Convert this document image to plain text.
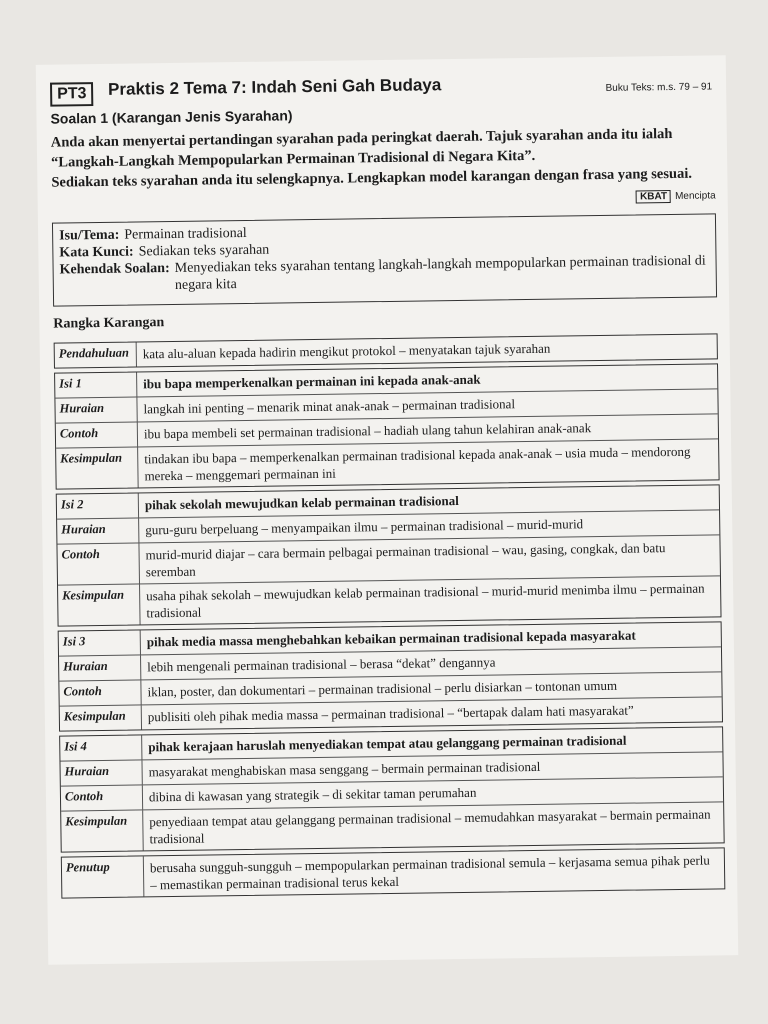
PT3	Praktis 2 Tema 7: Indah Seni Gah Budaya	Buku Teks: m.s. 79 – 91
Soalan 1 (Karangan Jenis Syarahan)

Anda akan menyertai pertandingan syarahan pada peringkat daerah. Tajuk syarahan anda itu ialah “Langkah-Langkah Mempopularkan Permainan Tradisional di Negara Kita”.

Sediakan teks syarahan anda itu selengkapnya. Lengkapkan model karangan dengan frasa yang sesuai.

KBAT Mencipta
Isu/Tema: Permainan tradisional
Kata Kunci: Sediakan teks syarahan
Kehendak Soalan: Menyediakan teks syarahan tentang langkah-langkah mempopularkan permainan tradisional di negara kita
Rangka Karangan
Pendahuluan	kata alu-aluan kepada hadirin mengikut protokol – menyatakan tajuk syarahan
Isi 1	ibu bapa memperkenalkan permainan ini kepada anak-anak
Huraian	langkah ini penting – menarik minat anak-anak – permainan tradisional
Contoh	ibu bapa membeli set permainan tradisional – hadiah ulang tahun kelahiran anak-anak
Kesimpulan	tindakan ibu bapa – memperkenalkan permainan tradisional kepada anak-anak – usia muda – mendorong mereka – menggemari permainan ini
Isi 2	pihak sekolah mewujudkan kelab permainan tradisional
Huraian	guru-guru berpeluang – menyampaikan ilmu – permainan tradisional – murid-murid
Contoh	murid-murid diajar – cara bermain pelbagai permainan tradisional – wau, gasing, congkak, dan batu seremban
Kesimpulan	usaha pihak sekolah – mewujudkan kelab permainan tradisional – murid-murid menimba ilmu – permainan tradisional
Isi 3	pihak media massa menghebahkan kebaikan permainan tradisional kepada masyarakat
Huraian	lebih mengenali permainan tradisional – berasa “dekat” dengannya
Contoh	iklan, poster, dan dokumentari – permainan tradisional – perlu disiarkan – tontonan umum
Kesimpulan	publisiti oleh pihak media massa – permainan tradisional – “bertapak dalam hati masyarakat”
Isi 4	pihak kerajaan haruslah menyediakan tempat atau gelanggang permainan tradisional
Huraian	masyarakat menghabiskan masa senggang – bermain permainan tradisional
Contoh	dibina di kawasan yang strategik – di sekitar taman perumahan
Kesimpulan	penyediaan tempat atau gelanggang permainan tradisional – memudahkan masyarakat – bermain permainan tradisional
Penutup	berusaha sungguh-sungguh – mempopularkan permainan tradisional semula – kerjasama semua pihak perlu – memastikan permainan tradisional terus kekal
